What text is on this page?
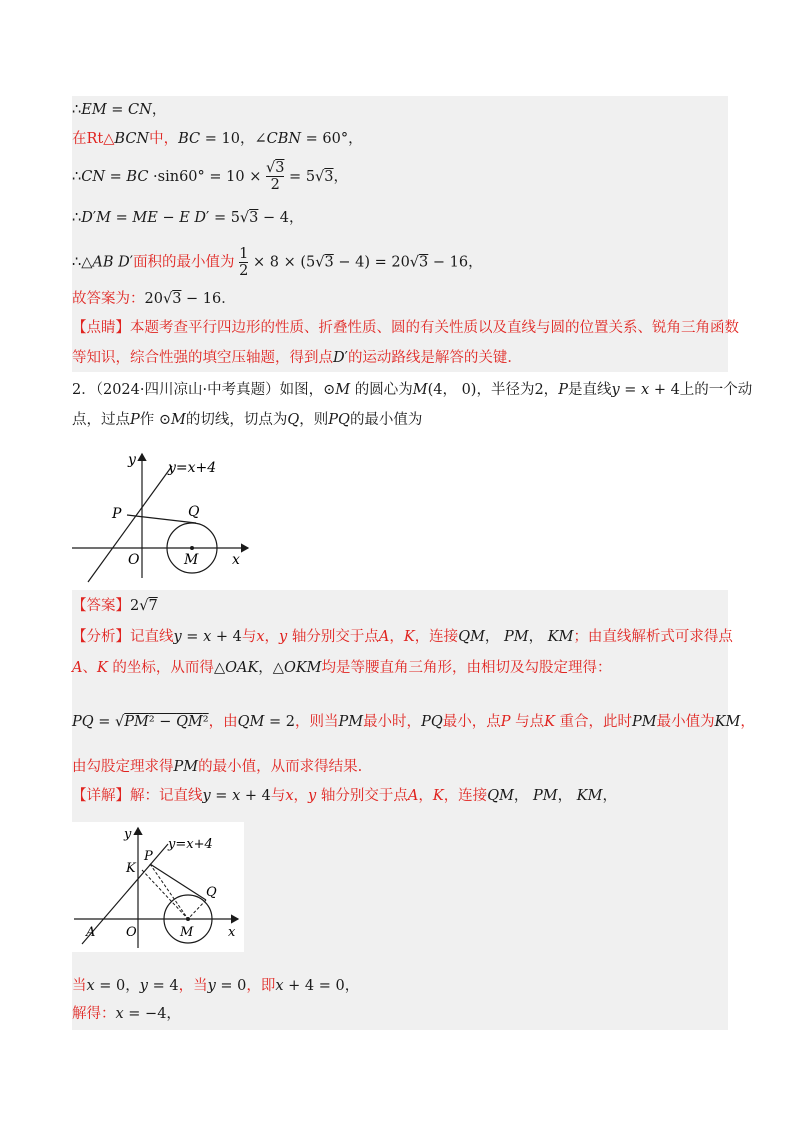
∴EM = CN，
在Rt△BCN中，BC = 10，∠CBN = 60°，
∴CN = BC $\cdot\sin 60^\circ = 10 \times \frac{√3}{2} = 5√3$，
∴D′M = ME − E D′ = 5√3 − 4，
∴△AB D′面积的最小值为 $\frac{1}{2} \times 8 \times (5√3 - 4) = 20√3 - 16$，
故答案为：20√3 − 16．
【点睛】本题考查平行四边形的性质、折叠性质、圆的有关性质以及直线与圆的位置关系、锐角三角函数
等知识，综合性强的填空压轴题，得到点D′的运动路线是解答的关键．
2．（2024·四川凉山·中考真题）如图，⊙M 的圆心为M(4， 0)，半径为2，P是直线y = x + 4上的一个动
点，过点P作 ⊙M的切线，切点为Q，则PQ的最小值为
y y=x+4
P	Q
O	M x
【答案】2√7
【分析】记直线y = x + 4与x，y 轴分别交于点A，K，连接QM， PM， KM；由直线解析式可求得点
A、K 的坐标，从而得△OAK，△OKM均是等腰直角三角形，由相切及勾股定理得：
PQ = √PM² − QM²，由QM = 2，则当PM最小时，PQ最小，点P 与点K 重合，此时PM最小值为KM，
由勾股定理求得PM的最小值，从而求得结果.
【详解】解：记直线y = x + 4与x，y 轴分别交于点A，K，连接QM， PM， KM，
y
y=x+4
P
K
Q
A O	M	x
当x = 0，y = 4，当y = 0，即x + 4 = 0，
解得：x = −4，
